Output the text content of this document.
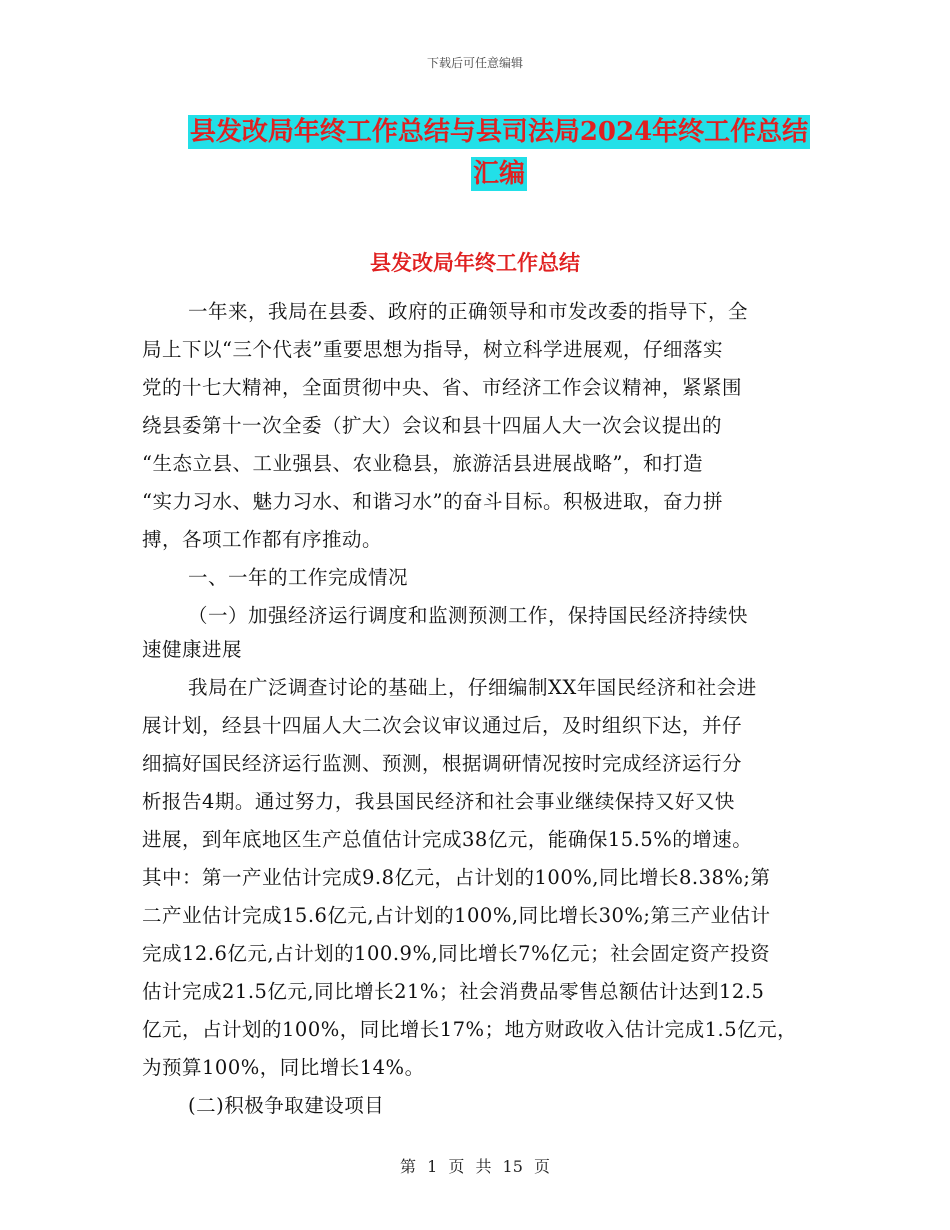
下载后可任意编辑
县发改局年终工作总结与县司法局2024年终工作总结
汇编
县发改局年终工作总结
一年来，我局在县委、政府的正确领导和市发改委的指导下，全
局上下以“三个代表”重要思想为指导，树立科学进展观，仔细落实
党的十七大精神，全面贯彻中央、省、市经济工作会议精神，紧紧围
绕县委第十一次全委（扩大）会议和县十四届人大一次会议提出的
“生态立县、工业强县、农业稳县，旅游活县进展战略”，和打造
“实力习水、魅力习水、和谐习水”的奋斗目标。积极进取，奋力拼
搏，各项工作都有序推动。
一、一年的工作完成情况
（一）加强经济运行调度和监测预测工作，保持国民经济持续快
速健康进展
我局在广泛调查讨论的基础上，仔细编制XX年国民经济和社会进
展计划，经县十四届人大二次会议审议通过后，及时组织下达，并仔
细搞好国民经济运行监测、预测，根据调研情况按时完成经济运行分
析报告4期。通过努力，我县国民经济和社会事业继续保持又好又快
进展，到年底地区生产总值估计完成38亿元，能确保15.5%的增速。
其中：第一产业估计完成9.8亿元，占计划的100%,同比增长8.38%;第
二产业估计完成15.6亿元,占计划的100%,同比增长30%;第三产业估计
完成12.6亿元,占计划的100.9%,同比增长7%亿元；社会固定资产投资
估计完成21.5亿元,同比增长21%；社会消费品零售总额估计达到12.5
亿元，占计划的100%，同比增长17%；地方财政收入估计完成1.5亿元，
为预算100%，同比增长14%。
(二)积极争取建设项目
第 1 页 共 15 页
